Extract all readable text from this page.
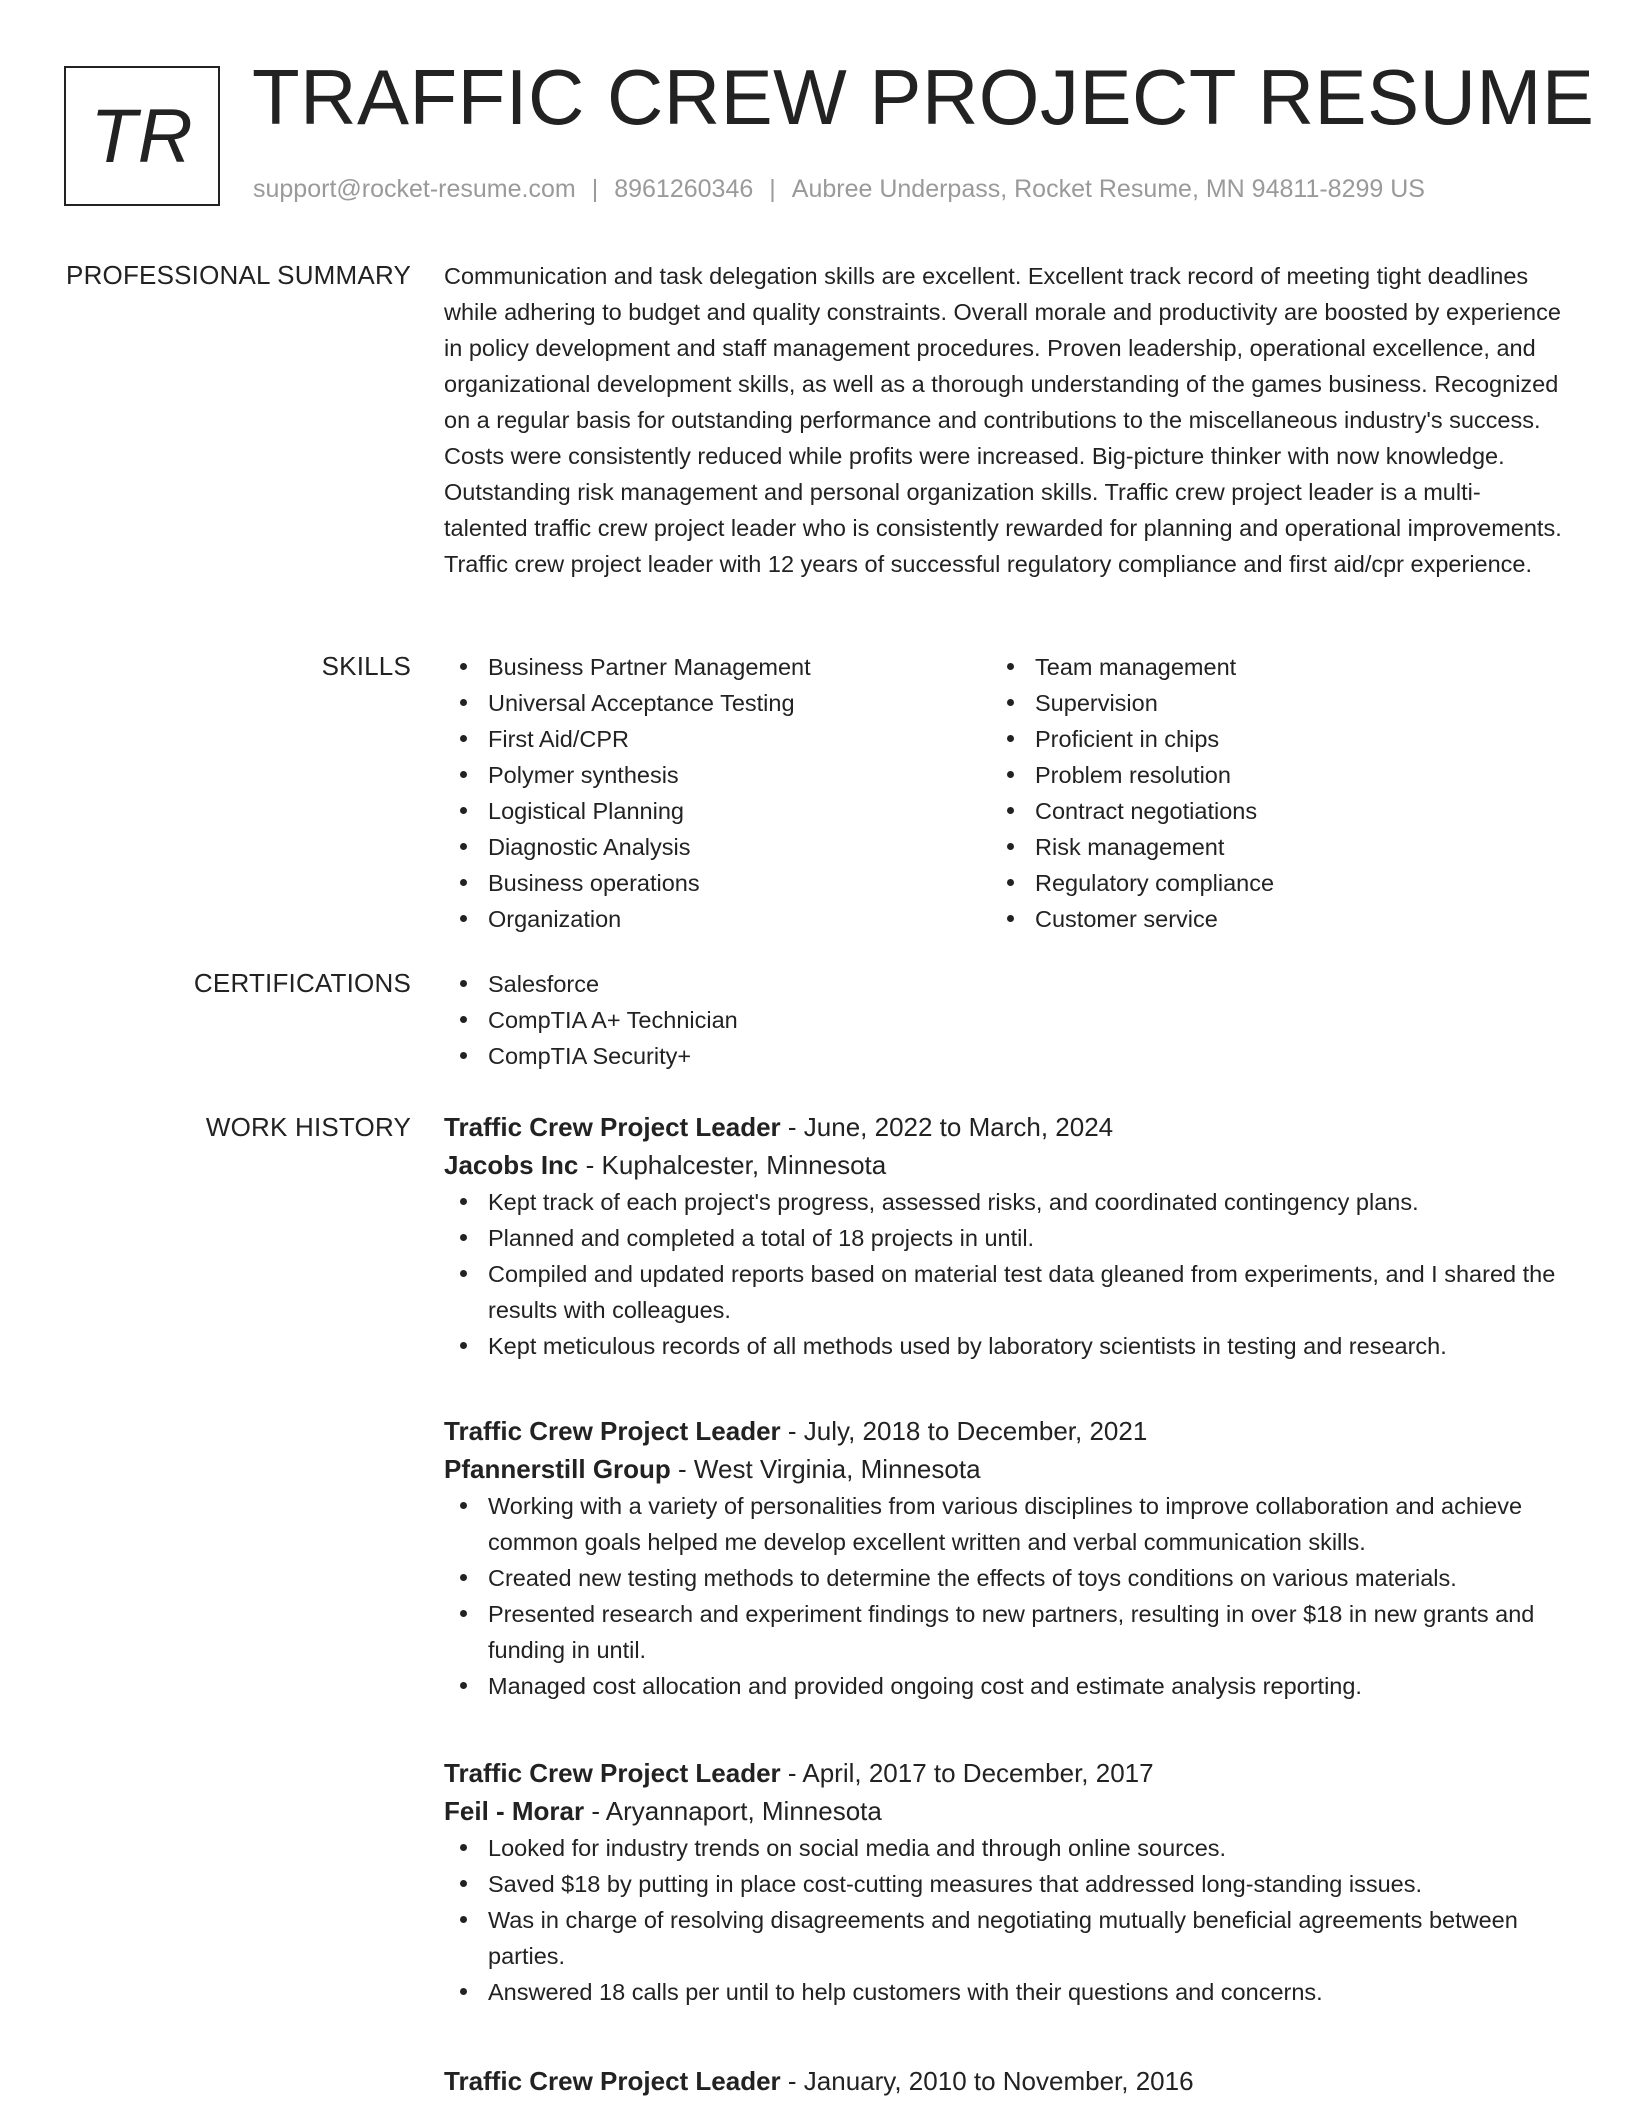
TR TRAFFIC CREW PROJECT RESUME
support@rocket-resume.com | 8961260346 | Aubree Underpass, Rocket Resume, MN 94811-8299 US
PROFESSIONAL SUMMARY Communication and task delegation skills are excellent. Excellent track record of meeting tight deadlines while adhering to budget and quality constraints. Overall morale and productivity are boosted by experience in policy development and staff management procedures. Proven leadership, operational excellence, and organizational development skills, as well as a thorough understanding of the games business. Recognized on a regular basis for outstanding performance and contributions to the miscellaneous industry's success. Costs were consistently reduced while profits were increased. Big-picture thinker with now knowledge. Outstanding risk management and personal organization skills. Traffic crew project leader is a multi-talented traffic crew project leader who is consistently rewarded for planning and operational improvements. Traffic crew project leader with 12 years of successful regulatory compliance and first aid/cpr experience.

SKILLS	Business Partner Management
Universal Acceptance Testing
First Aid/CPR
Polymer synthesis
Logistical Planning
Diagnostic Analysis
Business operations
Organization
Team management
Supervision
Proficient in chips
Problem resolution
Contract negotiations
Risk management
Regulatory compliance
Customer service
CERTIFICATIONS	Salesforce
CompTIA A+ Technician
CompTIA Security+
WORK HISTORY Traffic Crew Project Leader - June, 2022 to March, 2024
Jacobs Inc - Kuphalcester, Minnesota
Kept track of each project's progress, assessed risks, and coordinated contingency plans.
Planned and completed a total of 18 projects in until.
Compiled and updated reports based on material test data gleaned from experiments, and I shared the results with colleagues.
Kept meticulous records of all methods used by laboratory scientists in testing and research.
Traffic Crew Project Leader - July, 2018 to December, 2021
Pfannerstill Group - West Virginia, Minnesota
Working with a variety of personalities from various disciplines to improve collaboration and achieve common goals helped me develop excellent written and verbal communication skills.
Created new testing methods to determine the effects of toys conditions on various materials.
Presented research and experiment findings to new partners, resulting in over $18 in new grants and funding in until.
Managed cost allocation and provided ongoing cost and estimate analysis reporting.
Traffic Crew Project Leader - April, 2017 to December, 2017
Feil - Morar - Aryannaport, Minnesota
Looked for industry trends on social media and through online sources.
Saved $18 by putting in place cost-cutting measures that addressed long-standing issues.
Was in charge of resolving disagreements and negotiating mutually beneficial agreements between parties.
Answered 18 calls per until to help customers with their questions and concerns.
Traffic Crew Project Leader - January, 2010 to November, 2016
